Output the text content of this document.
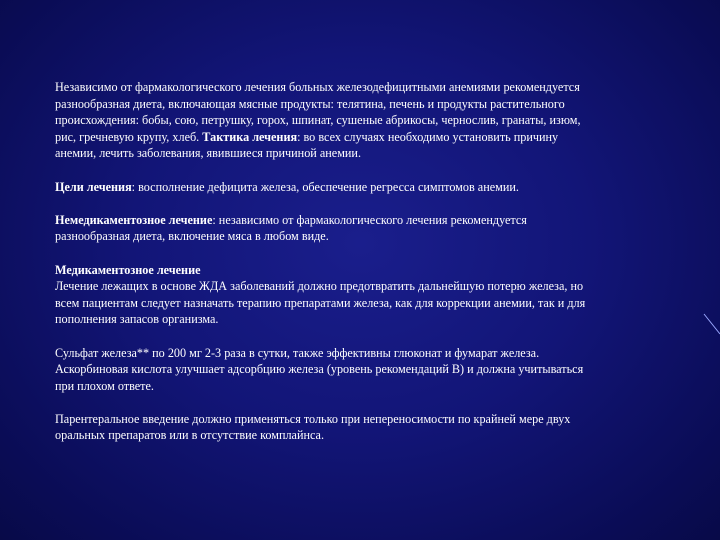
Независимо от фармакологического лечения больных железодефицитными анемиями рекомендуется
разнообразная диета, включающая мясные продукты: телятина, печень и продукты растительного
происхождения: бобы, сою, петрушку, горох, шпинат, сушеные абрикосы, чернослив, гранаты, изюм,
рис, гречневую крупу, хлеб. Тактика лечения: во всех случаях необходимо установить причину
анемии, лечить заболевания, явившиеся причиной анемии.

Цели лечения: восполнение дефицита железа, обеспечение регресса симптомов анемии.

Немедикаментозное лечение: независимо от фармакологического лечения рекомендуется
разнообразная диета, включение мяса в любом виде.

Медикаментозное лечение
Лечение лежащих в основе ЖДА заболеваний должно предотвратить дальнейшую потерю железа, но
всем пациентам следует назначать терапию препаратами железа, как для коррекции анемии, так и для
пополнения запасов организма.

Сульфат железа** по 200 мг 2-3 раза в сутки, также эффективны глюконат и фумарат железа.
Аскорбиновая кислота улучшает адсорбцию железа (уровень рекомендаций В) и должна учитываться
при плохом ответе.

Парентеральное введение должно применяться только при непереносимости по крайней мере двух
оральных препаратов или в отсутствие комплайнса.
